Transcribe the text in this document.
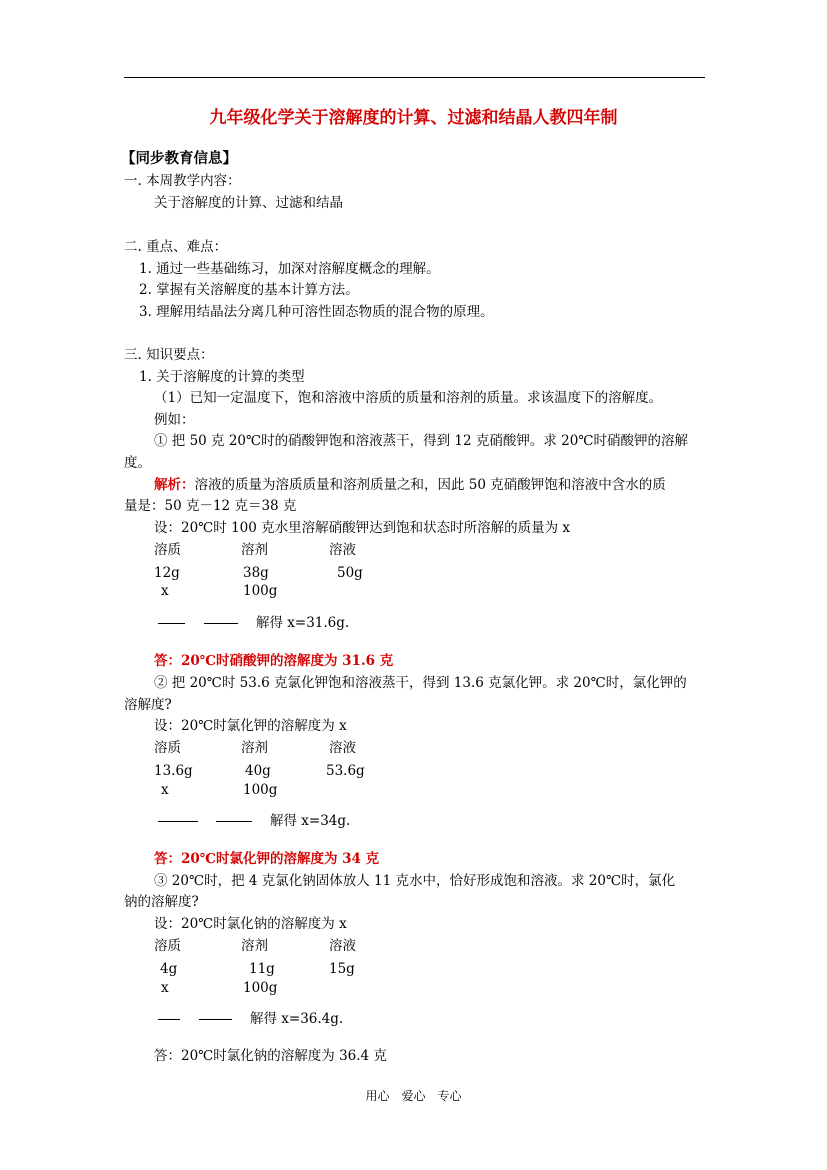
九年级化学关于溶解度的计算、过滤和结晶人教四年制
【同步教育信息】
一. 本周教学内容：
关于溶解度的计算、过滤和结晶
二. 重点、难点：
1. 通过一些基础练习，加深对溶解度概念的理解。
2. 掌握有关溶解度的基本计算方法。
3. 理解用结晶法分离几种可溶性固态物质的混合物的原理。
三. 知识要点：
1. 关于溶解度的计算的类型
（1）已知一定温度下，饱和溶液中溶质的质量和溶剂的质量。求该温度下的溶解度。
例如：
① 把 50 克 20℃时的硝酸钾饱和溶液蒸干，得到 12 克硝酸钾。求 20℃时硝酸钾的溶解
度。
解析：溶液的质量为溶质质量和溶剂质量之和，因此 50 克硝酸钾饱和溶液中含水的质
量是：50 克－12 克＝38 克
设：20℃时 100 克水里溶解硝酸钾达到饱和状态时所溶解的质量为 x
溶质	溶剂	溶液
12g	38g	50g
x	100g
解得 x=31.6g.
答：20℃时硝酸钾的溶解度为 31.6 克
② 把 20℃时 53.6 克氯化钾饱和溶液蒸干，得到 13.6 克氯化钾。求 20℃时，氯化钾的
溶解度?
设：20℃时氯化钾的溶解度为 x
溶质	溶剂	溶液
13.6g	40g	53.6g
x	100g
解得 x=34g.
答：20℃时氯化钾的溶解度为 34 克
③ 20℃时，把 4 克氯化钠固体放人 11 克水中，恰好形成饱和溶液。求 20℃时，氯化
钠的溶解度?
设：20℃时氯化钠的溶解度为 x
溶质	溶剂	溶液
4g	11g	15g
x	100g
解得 x=36.4g.
答：20℃时氯化钠的溶解度为 36.4 克
用心　爱心　专心
